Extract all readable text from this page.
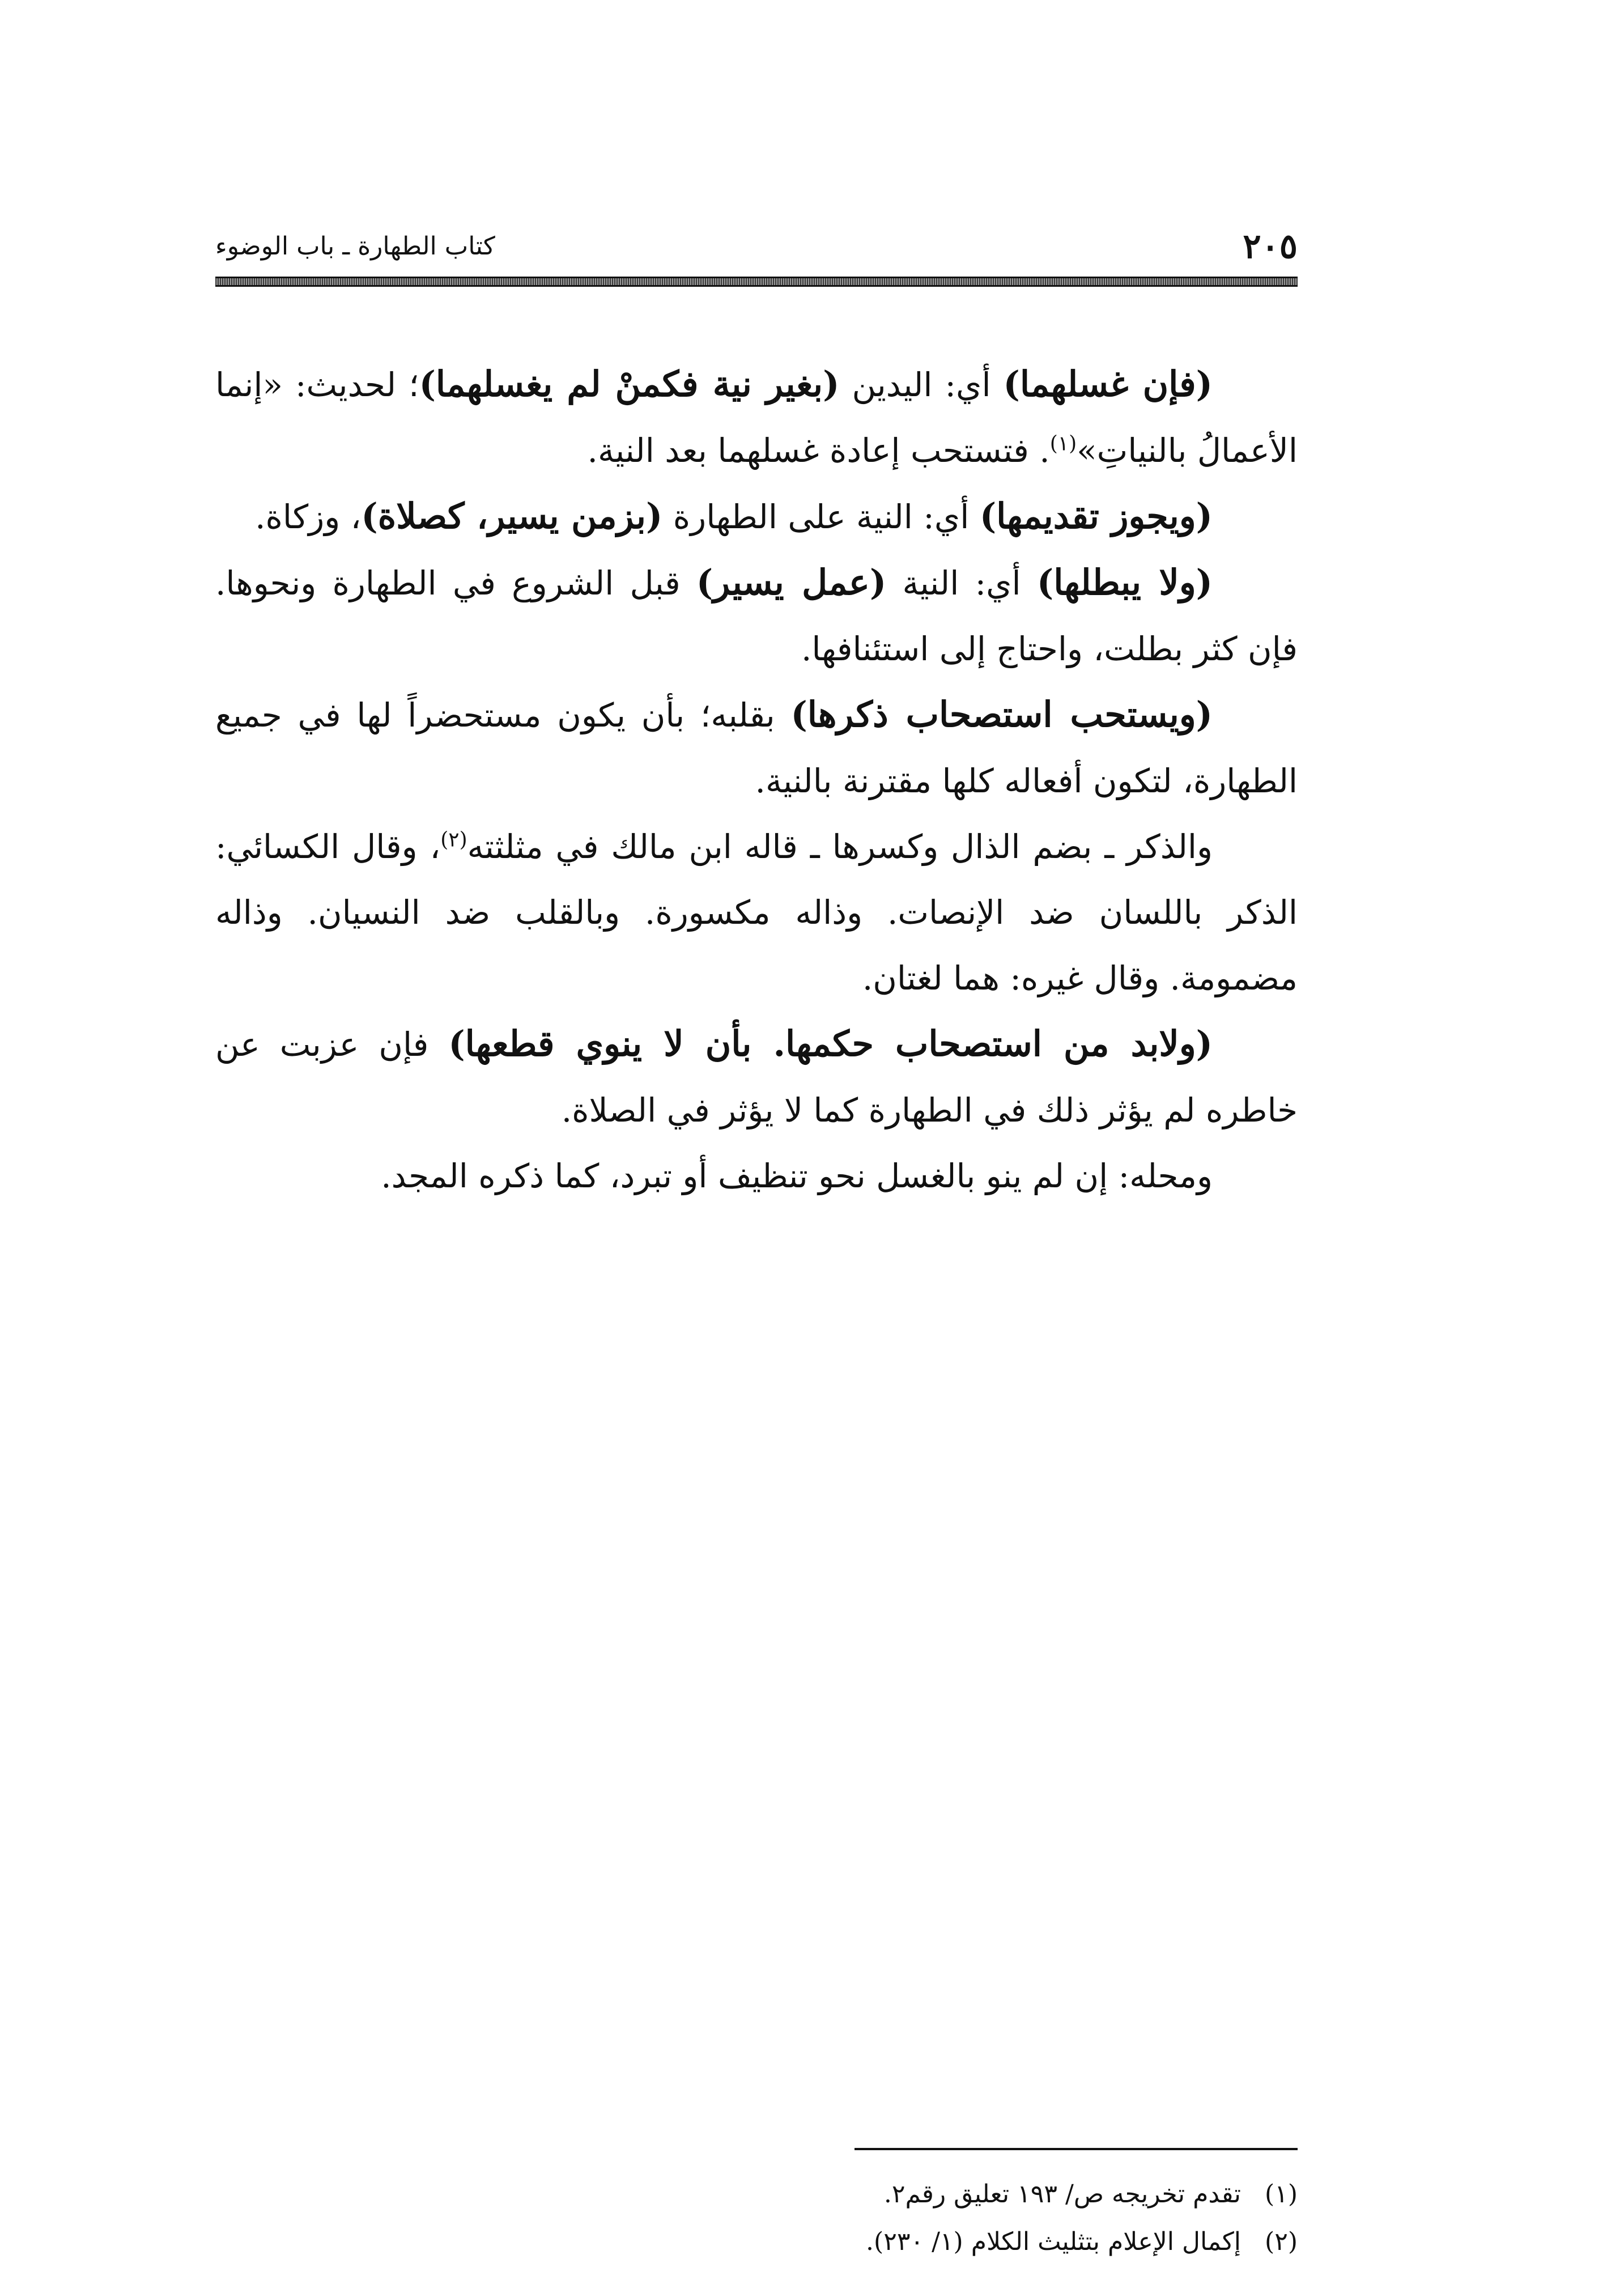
٢٠٥
كتاب الطهارة ـ باب الوضوء

(فإن غسلهما) أي: اليدين (بغير نية فكمنْ لم يغسلهما)؛ لحديث: «إنما الأعمالُ بالنياتِ»$^{(١)}$. فتستحب إعادة غسلهما بعد النية.

(ويجوز تقديمها) أي: النية على الطهارة (بزمن يسير، كصلاة)، وزكاة.

(ولا يبطلها) أي: النية (عمل يسير) قبل الشروع في الطهارة ونحوها. فإن كثر بطلت، واحتاج إلى استئنافها.

(ويستحب استصحاب ذكرها) بقلبه؛ بأن يكون مستحضراً لها في جميع الطهارة، لتكون أفعاله كلها مقترنة بالنية.

والذكر ـ بضم الذال وكسرها ـ قاله ابن مالك في مثلثته$^{(٢)}$، وقال الكسائي: الذكر باللسان ضد الإنصات. وذاله مكسورة. وبالقلب ضد النسيان. وذاله مضمومة. وقال غيره: هما لغتان.

(ولابد من استصحاب حكمها. بأن لا ينوي قطعها) فإن عزبت عن خاطره لم يؤثر ذلك في الطهارة كما لا يؤثر في الصلاة.

ومحله: إن لم ينو بالغسل نحو تنظيف أو تبرد، كما ذكره المجد.

(١)تقدم تخريجه ص/ ١٩٣ تعليق رقم٢.

(٢)إكمال الإعلام بتثليث الكلام (١/ ٢٣٠).
